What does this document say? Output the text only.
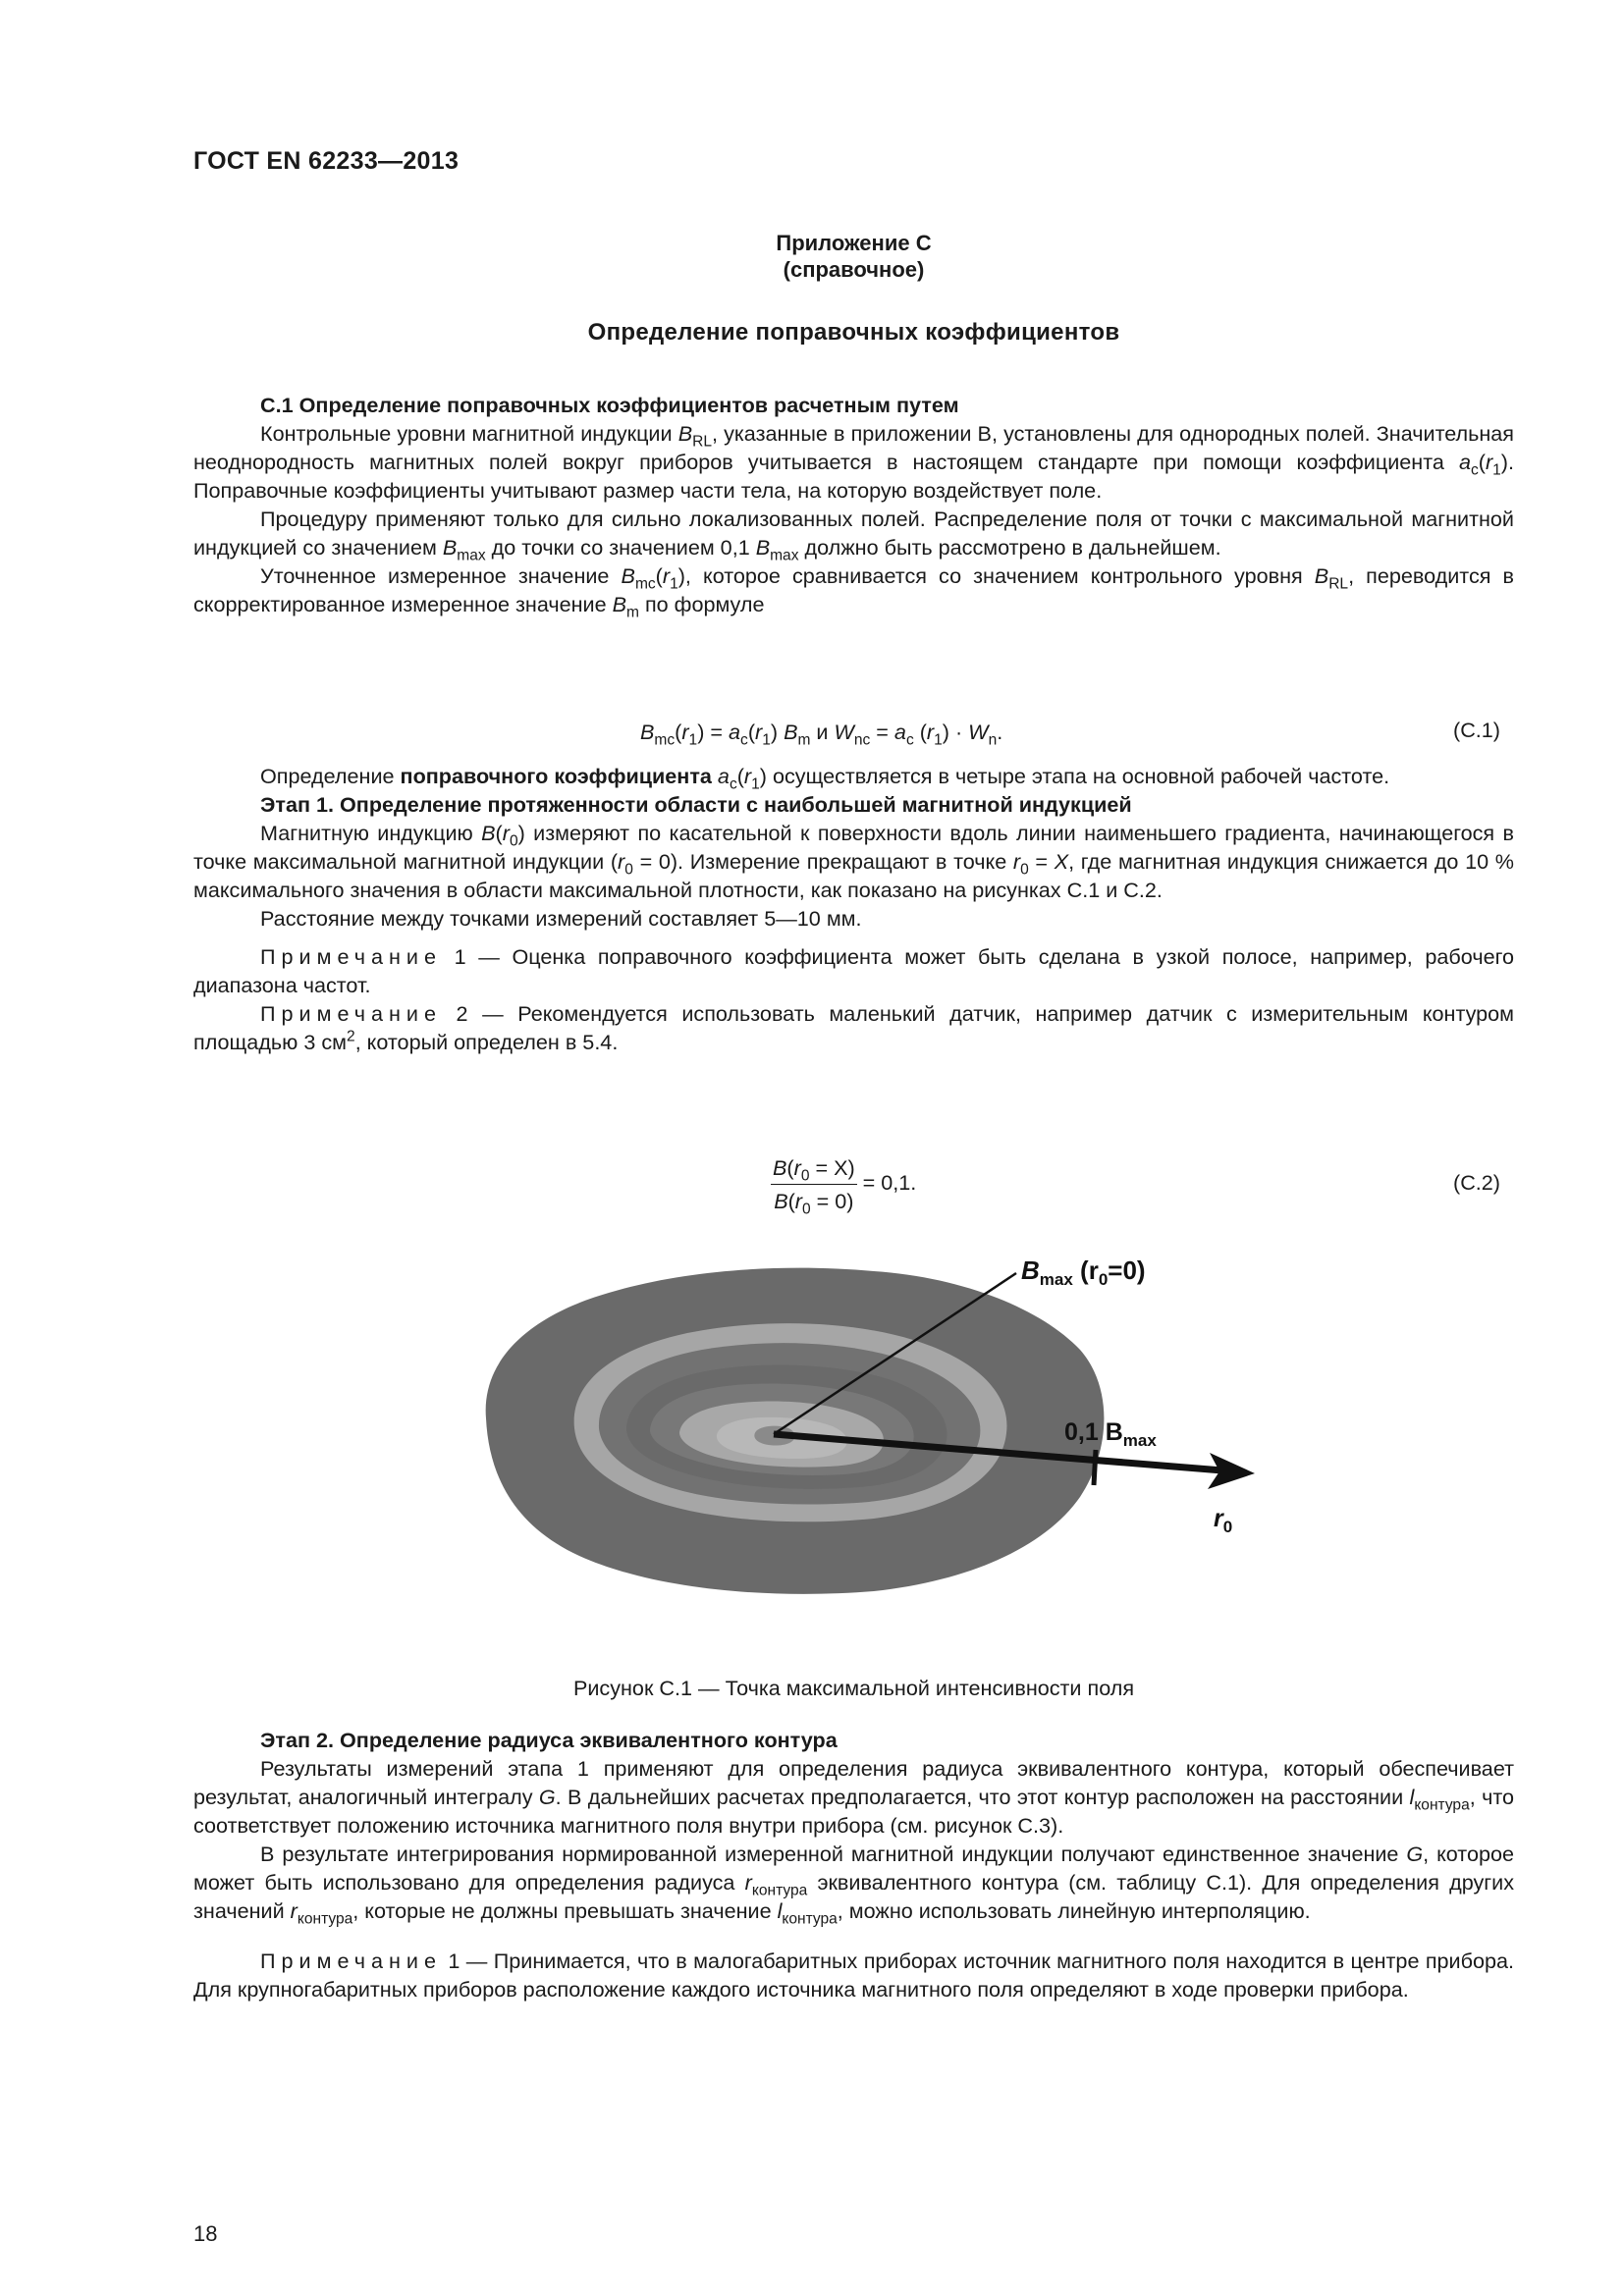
ГОСТ EN 62233—2013
Приложение С
(справочное)
Определение поправочных коэффициентов

С.1 Определение поправочных коэффициентов расчетным путем

Контрольные уровни магнитной индукции $B_{RL}$, указанные в приложении В, установлены для однородных полей. Значительная неоднородность магнитных полей вокруг приборов учитывается в настоящем стандарте при помощи коэффициента $a_c(r_1)$. Поправочные коэффициенты учитывают размер части тела, на которую воздействует поле.

Процедуру применяют только для сильно локализованных полей. Распределение поля от точки с максимальной магнитной индукцией со значением $B_{max}$ до точки со значением 0,1 $B_{max}$ должно быть рассмотрено в дальнейшем.

Уточненное измеренное значение $B_{mc}(r_1)$, которое сравнивается со значением контрольного уровня $B_{RL}$, переводится в скорректированное измеренное значение $B_m$ по формуле

$B_{mc}(r_1) = a_c(r_1)$ $B_m$ и $W_{nc} = a_c$ $(r_1) \cdot W_n$.	(С.1)

Определение поправочного коэффициента $a_c(r_1)$ осуществляется в четыре этапа на основной рабочей частоте.

Этап 1. Определение протяженности области с наибольшей магнитной индукцией

Магнитную индукцию $B(r_0)$ измеряют по касательной к поверхности вдоль линии наименьшего градиента, начинающегося в точке максимальной магнитной индукции $(r_0 = 0)$. Измерение прекращают в точке $r_0 = X$, где магнитная индукция снижается до 10 % максимального значения в области максимальной плотности, как показано на рисунках С.1 и С.2.

Расстояние между точками измерений составляет 5—10 мм.

Примечание 1 — Оценка поправочного коэффициента может быть сделана в узкой полосе, например, рабочего диапазона частот.

Примечание 2 — Рекомендуется использовать маленький датчик, например датчик с измерительным контуром площадью 3 $см^2$, который определен в 5.4.

$\frac{B(r_0 = X)}{B(r_0 = 0)} = 0,1$.	(С.2)
$B_{max}$ $(r_0=0)$
0,1 $B_{max}$
$r_0$
Рисунок С.1 — Точка максимальной интенсивности поля

Этап 2. Определение радиуса эквивалентного контура

Результаты измерений этапа 1 применяют для определения радиуса эквивалентного контура, который обеспечивает результат, аналогичный интегралу G. В дальнейших расчетах предполагается, что этот контур расположен на расстоянии $l_{контура}$, что соответствует положению источника магнитного поля внутри прибора (см. рисунок С.3).

В результате интегрирования нормированной измеренной магнитной индукции получают единственное значение G, которое может быть использовано для определения радиуса $r_{контура}$ эквивалентного контура (см. таблицу С.1). Для определения других значений $r_{контура}$, которые не должны превышать значение $l_{контура}$, можно использовать линейную интерполяцию.

Примечание 1 — Принимается, что в малогабаритных приборах источник магнитного поля находится в центре прибора. Для крупногабаритных приборов расположение каждого источника магнитного поля определяют в ходе проверки прибора.

18
